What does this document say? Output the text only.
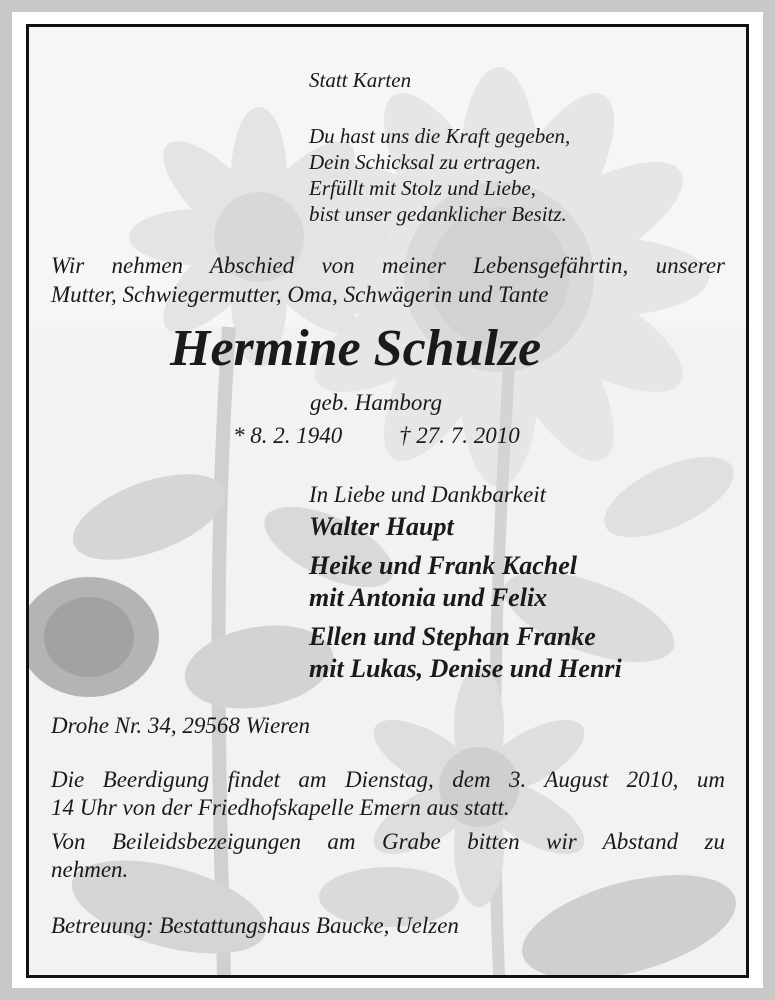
Statt Karten
Du hast uns die Kraft gegeben,
Dein Schicksal zu ertragen.
Erfüllt mit Stolz und Liebe,
bist unser gedanklicher Besitz.
Wir nehmen Abschied von meiner Lebensgefährtin, unserer
Mutter, Schwiegermutter, Oma, Schwägerin und Tante
Hermine Schulze
geb. Hamborg
* 8. 2. 1940 † 27. 7. 2010
In Liebe und Dankbarkeit
Walter Haupt
Heike und Frank Kachel
mit Antonia und Felix
Ellen und Stephan Franke
mit Lukas, Denise und Henri
Drohe Nr. 34, 29568 Wieren
Die Beerdigung findet am Dienstag, dem 3. August 2010, um
14 Uhr von der Friedhofskapelle Emern aus statt.
Von Beileidsbezeigungen am Grabe bitten wir Abstand zu
nehmen.
Betreuung: Bestattungshaus Baucke, Uelzen
